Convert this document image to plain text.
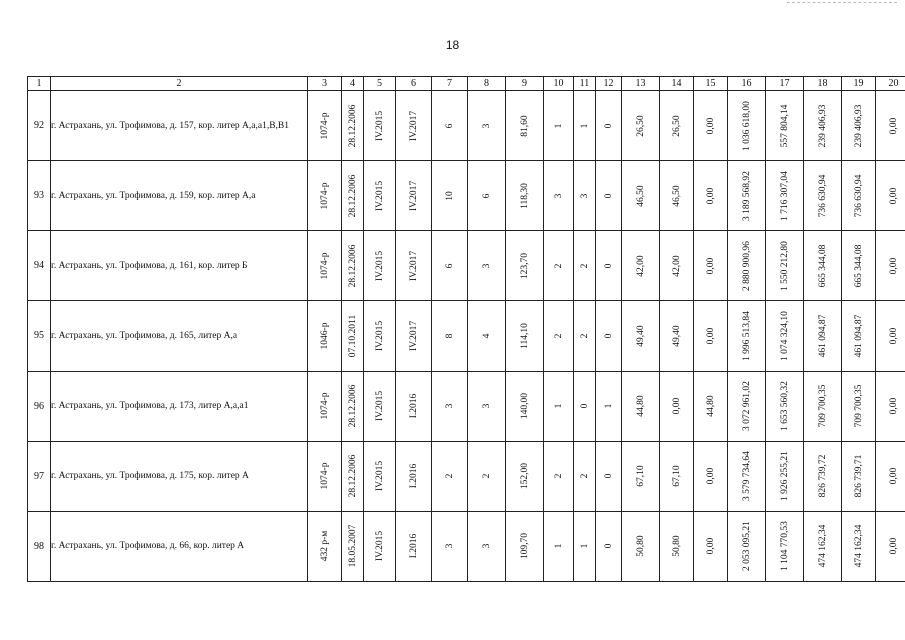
18
1	2	3	4	5	6	7	8	9	10	11	12	13	14	15	16	17	18	19	20
92	г. Астрахань, ул. Трофимова, д. 157, кор. литер А,а,а1,В,В1	1074-р	28.12.2006	IV.2015	IV.2017	6	3	81,60	1	1	0	26,50	26,50	0,00	1 036 618,00	557 804,14	239 406,93	239 406,93	0,00

93	г. Астрахань, ул. Трофимова, д. 159, кор. литер А,а	1074-р	28.12.2006	IV.2015	IV.2017	10	6	118,30	3	3	0	46,50	46,50	0,00	3 189 568,92	1 716 307,04	736 630,94	736 630,94	0,00

94	г. Астрахань, ул. Трофимова, д. 161, кор. литер Б	1074-р	28.12.2006	IV.2015	IV.2017	6	3	123,70	2	2	0	42,00	42,00	0,00	2 880 900,96	1 550 212,80	665 344,08	665 344,08	0,00

95	г. Астрахань, ул. Трофимова, д. 165, литер А,а	1046-р	07.10.2011	IV.2015	IV.2017	8	4	114,10	2	2	0	49,40	49,40	0,00	1 996 513,84	1 074 324,10	461 094,87	461 094,87	0,00

96	г. Астрахань, ул. Трофимова, д. 173, литер А,а,а1	1074-р	28.12.2006	IV.2015	I.2016	3	3	140,00	1	0	1	44,80	0,00	44,80	3 072 961,02	1 653 560,32	709 700,35	709 700,35	0,00

97	г. Астрахань, ул. Трофимова, д. 175, кор. литер А	1074-р	28.12.2006	IV.2015	I.2016	2	2	152,00	2	2	0	67,10	67,10	0,00	3 579 734,64	1 926 255,21	826 739,72	826 739,71	0,00

98	г. Астрахань, ул. Трофимова, д. 66, кор. литер А	432 р-м	18.05.2007	IV.2015	I.2016	3	3	109,70	1	1	0	50,80	50,80	0,00	2 053 095,21	1 104 770,53	474 162,34	474 162,34	0,00
